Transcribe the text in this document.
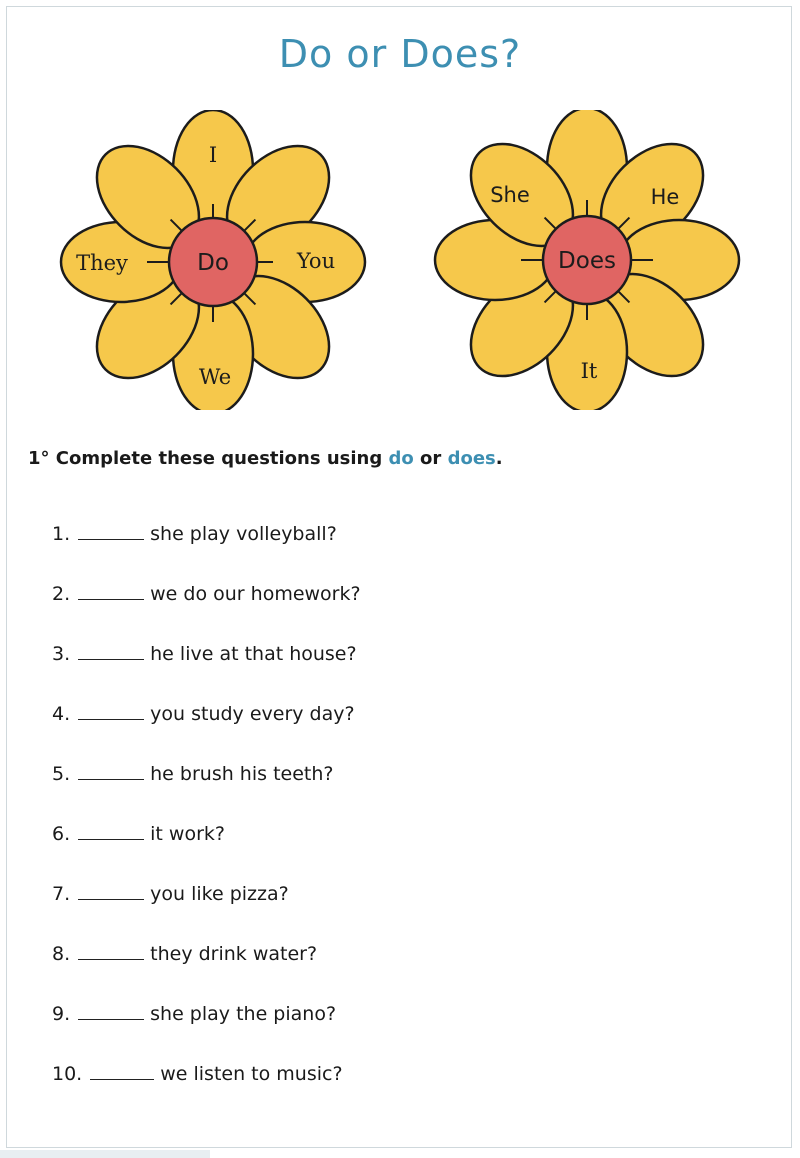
Do or Does?
Do
I
You
We
They	Does
She	He
It
1° Complete these questions using do or does.
1.	she play volleyball?
2.	we do our homework?
3.	he live at that house?
4.	you study every day?
5.	he brush his teeth?
6.	it work?
7.	you like pizza?
8.	they drink water?
9.	she play the piano?
10.	we listen to music?
